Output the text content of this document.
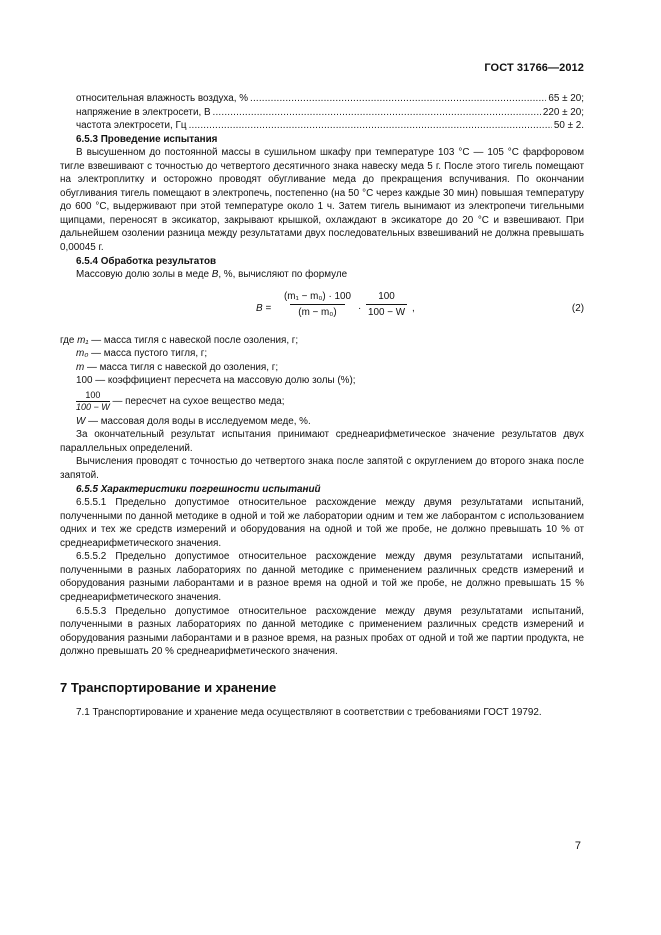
ГОСТ 31766—2012
относительная влажность воздуха, % .....	65 ± 20;
напряжение в электросети, В .....	220 ± 20;
частота электросети, Гц .....	50 ± 2.

6.5.3 Проведение испытания

В высушенном до постоянной массы в сушильном шкафу при температуре 103 °С — 105 °С фарфоровом тигле взвешивают с точностью до четвертого десятичного знака навеску меда 5 г. После этого тигель помещают на электроплитку и осторожно проводят обугливание меда до прекращения вспучивания. По окончании обугливания тигель помещают в электропечь, постепенно (на 50 °С через каждые 30 мин) повышая температуру до 600 °С, выдерживают при этой температуре около 1 ч. Затем тигель вынимают из электропечи тигельными щипцами, переносят в эксикатор, закрывают крышкой, охлаждают в эксикаторе до 20 °С и взвешивают. При дальнейшем озолении разница между результатами двух последовательных взвешиваний не должна превышать 0,00045 г.

6.5.4 Обработка результатов

Массовую долю золы в меде B, %, вычисляют по формуле

$B = \frac{\text{(m₁ − m₀) · 100}}{\text{(m − m₀)}} \cdot \frac{100}{100 - W}$ ,	(2)

где m₁ — масса тигля с навеской после озоления, г;

m₀ — масса пустого тигля, г;

m — масса тигля с навеской до озоления, г;

100 — коэффициент пересчета на массовую долю золы (%);

$\frac{100}{100 - W}$ — пересчет на сухое вещество меда;

W — массовая доля воды в исследуемом меде, %.

За окончательный результат испытания принимают среднеарифметическое значение результатов двух параллельных определений.

Вычисления проводят с точностью до четвертого знака после запятой с округлением до второго знака после запятой.

6.5.5 Характеристики погрешности испытаний

6.5.5.1 Предельно допустимое относительное расхождение между двумя результатами испытаний, полученными по данной методике в одной и той же лаборатории одним и тем же лаборантом с использованием одних и тех же средств измерений и оборудования на одной и той же пробе, не должно превышать 10 % от среднеарифметического значения.

6.5.5.2 Предельно допустимое относительное расхождение между двумя результатами испытаний, полученными в разных лабораториях по данной методике с применением различных средств измерений и оборудования разными лаборантами и в разное время на одной и той же пробе, не должно превышать 15 % среднеарифметического значения.

6.5.5.3 Предельно допустимое относительное расхождение между двумя результатами испытаний, полученными в разных лабораториях по данной методике с применением различных средств измерений и оборудования разными лаборантами и в разное время, на разных пробах от одной и той же партии продукта, не должно превышать 20 % среднеарифметического значения.

7 Транспортирование и хранение

7.1 Транспортирование и хранение меда осуществляют в соответствии с требованиями ГОСТ 19792.

7
